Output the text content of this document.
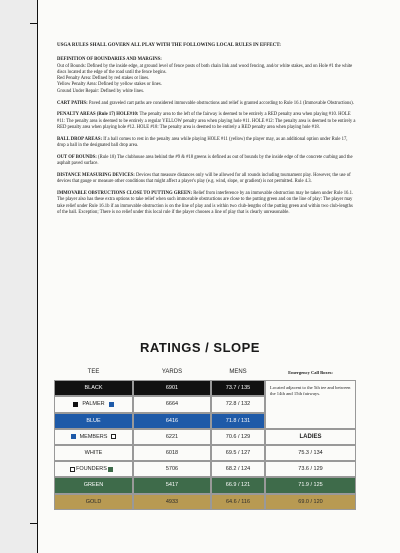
USGA RULES SHALL GOVERN ALL PLAY WITH THE FOLLOWING LOCAL RULES IN EFFECT:

DEFINITION OF BOUNDARIES AND MARGINS:
Out of Bounds: Defined by the inside edge, at ground level of fence posts of both chain link and wood fencing, and/or white stakes, and on Hole #1 the white discs located at the edge of the road until the fence begins.
Red Penalty Area: Defined by red stakes or lines.
Yellow Penalty Area: Defined by yellow stakes or lines.
Ground Under Repair: Defined by white lines.

CART PATHS: Paved and graveled cart paths are considered immovable obstructions and relief is granted according to Rule 16.1 (Immovable Obstructions).

PENALTY AREAS (Rule 17) HOLE#10: The penalty area to the left of the fairway is deemed to be entirely a RED penalty area when playing #10. HOLE #11: The penalty area is deemed to be entirely a regular YELLOW penalty area when playing hole #11. HOLE #12: The penalty area is deemed to be entirely a RED penalty area when playing hole #12. HOLE #18: The penalty area is deemed to be entirely a RED penalty area when playing hole #18.

BALL DROP AREAS: If a ball comes to rest in the penalty area while playing HOLE #11 (yellow) the player may, as an additional option under Rule 17, drop a ball in the designated ball drop area.

OUT OF BOUNDS: (Rule 18) The clubhouse area behind the #9 & #18 greens is defined as out of bounds by the inside edge of the concrete curbing and the asphalt paved surface.

DISTANCE MEASURING DEVICES: Devices that measure distances only will be allowed for all rounds including tournament play. However, the use of devices that gauge or measure other conditions that might affect a player's play (e.g. wind, slope, or gradient) is not permitted. Rule 4.3.

IMMOVABLE OBSTRUCTIONS CLOSE TO PUTTING GREEN: Relief from interference by an immovable obstruction may be taken under Rule 16.1. The player also has these extra options to take relief when such immovable obstructions are close to the putting green and on the line of play: The player may take relief under Rule 16.1b if an immovable obstruction is on the line of play and is within two club-lengths of the putting green and within two club-lengths of the ball. Exception; There is no relief under this local rule if the player chooses a line of play that is clearly unreasonable.

RATINGS / SLOPE
TEE	YARDS	MENS	Emergency Call Boxes:
BLACK	6901	73.7 / 135
PALMER	6664	72.8 / 132
BLUE	6416	71.8 / 131
MEMBERS	6221	70.6 / 129	LADIES
WHITE	6018	69.5 / 127	75.3 / 134
FOUNDERS	5706	68.2 / 124	73.6 / 129
GREEN	5417	66.9 / 121	71.9 / 125
GOLD	4933	64.6 / 116	69.0 / 120
Located adjacent to the 5th tee and between the 14th and 15th fairways.
